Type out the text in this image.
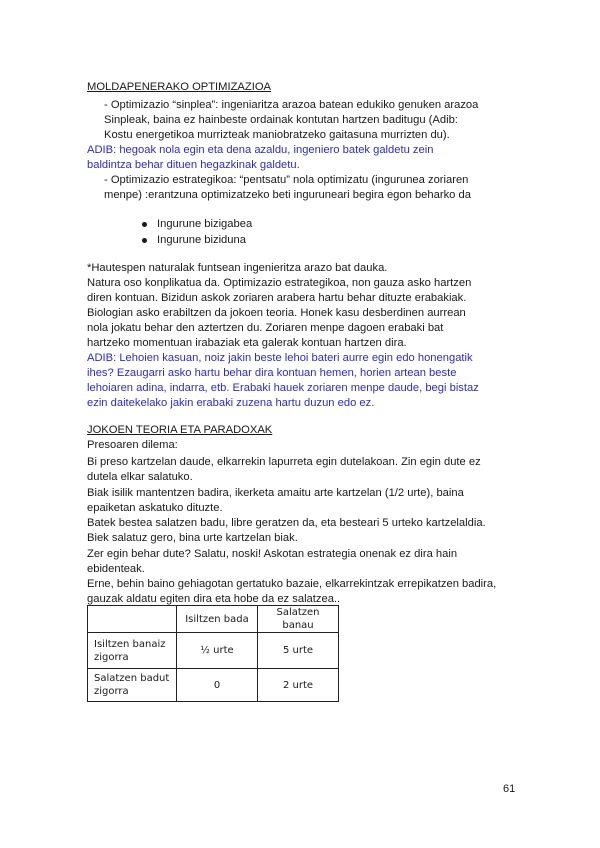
MOLDAPENERAKO OPTIMIZAZIOA
- Optimizazio “sinplea”: ingeniaritza arazoa batean edukiko genuken arazoa
Sinpleak, baina ez hainbeste ordainak kontutan hartzen baditugu (Adib:
Kostu energetikoa murrizteak maniobratzeko gaitasuna murrizten du).
ADIB: hegoak nola egin eta dena azaldu, ingeniero batek galdetu zein
baldintza behar dituen hegazkinak galdetu.
- Optimizazio estrategikoa: “pentsatu” nola optimizatu (ingurunea zoriaren
menpe) :erantzuna optimizatzeko beti inguruneari begira egon beharko da
Ingurune bizigabea
Ingurune biziduna
*Hautespen naturalak funtsean ingenieritza arazo bat dauka.
Natura oso konplikatua da. Optimizazio estrategikoa, non gauza asko hartzen
diren kontuan. Bizidun askok zoriaren arabera hartu behar dituzte erabakiak.
Biologian asko erabiltzen da jokoen teoria. Honek kasu desberdinen aurrean
nola jokatu behar den aztertzen du. Zoriaren menpe dagoen erabaki bat
hartzeko momentuan irabaziak eta galerak kontuan hartzen dira.
ADIB: Lehoien kasuan, noiz jakin beste lehoi bateri aurre egin edo honengatik
ihes? Ezaugarri asko hartu behar dira kontuan hemen, horien artean beste
lehoiaren adina, indarra, etb. Erabaki hauek zoriaren menpe daude, begi bistaz
ezin daitekelako jakin erabaki zuzena hartu duzun edo ez.
JOKOEN TEORIA ETA PARADOXAK
Presoaren dilema:
Bi preso kartzelan daude, elkarrekin lapurreta egin dutelakoan. Zin egin dute ez
dutela elkar salatuko.
Biak isilik mantentzen badira, ikerketa amaitu arte kartzelan (1/2 urte), baina
epaiketan askatuko dituzte.
Batek bestea salatzen badu, libre geratzen da, eta besteari 5 urteko kartzelaldia.
Biek salatuz gero, bina urte kartzelan biak.
Zer egin behar dute? Salatu, noski! Askotan estrategia onenak ez dira hain
ebidenteak.
Erne, behin baino gehiagotan gertatuko bazaie, elkarrekintzak errepikatzen badira,
gauzak aldatu egiten dira eta hobe da ez salatzea..
	Isiltzen bada	Salatzen banau

Isiltzen banaiz
zigorra	½ urte	5 urte

Salatzen badut
zigorra	0	2 urte
61
